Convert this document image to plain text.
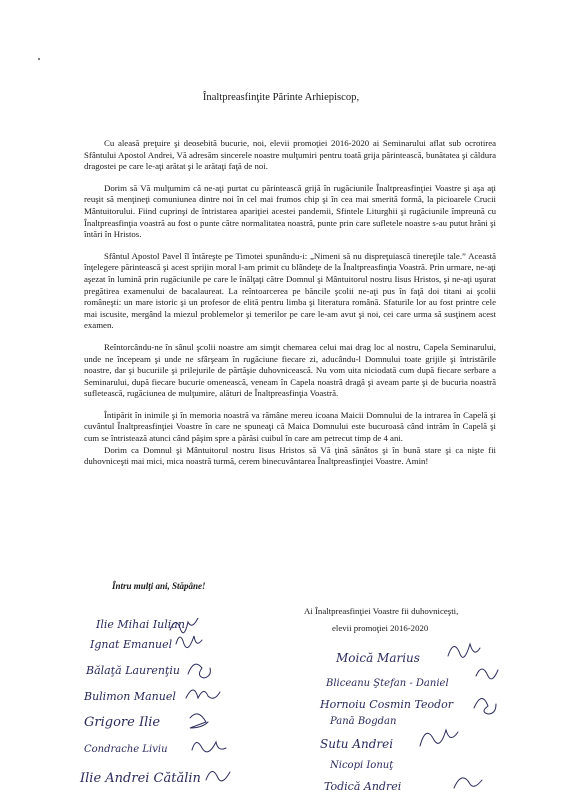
Înaltpreasfinţite Părinte Arhiepiscop,

Cu aleasă preţuire şi deosebită bucurie, noi, elevii promoţiei 2016-2020 ai Seminarului aflat sub ocrotirea Sfântului Apostol Andrei, Vă adresăm sincerele noastre mulţumiri pentru toată grija părintească, bunătatea şi căldura dragostei pe care le-aţi arătat şi le arătaţi faţă de noi.

Dorim să Vă mulţumim că ne-aţi purtat cu părintească grijă în rugăciunile Înaltpreasfinţiei Voastre şi aşa aţi reuşit să menţineţi comuniunea dintre noi în cel mai frumos chip şi în cea mai smerită formă, la picioarele Crucii Mântuitorului. Fiind cuprinşi de întristarea apariţiei acestei pandemii, Sfintele Liturghii şi rugăciunile împreună cu Înaltpreasfinţia voastră au fost o punte către normalitatea noastră, punte prin care sufletele noastre s-au putut hrăni şi întări în Hristos.

Sfântul Apostol Pavel îl întăreşte pe Timotei spunându-i: „Nimeni să nu dispreţuiască tinereţile tale.” Această înţelegere părintească şi acest sprijin moral l-am primit cu blândeţe de la Înaltpreasfinţia Voastră. Prin urmare, ne-aţi aşezat în lumină prin rugăciunile pe care le înălţaţi către Domnul şi Mântuitorul nostru Iisus Hristos, şi ne-aţi uşurat pregătirea examenului de bacalaureat. La reîntoarcerea pe băncile şcolii ne-aţi pus în faţă doi titani ai şcolii româneşti: un mare istoric şi un profesor de elită pentru limba şi literatura română. Sfaturile lor au fost printre cele mai iscusite, mergând la miezul problemelor şi temerilor pe care le-am avut şi noi, cei care urma să susţinem acest examen.

Reîntorcându-ne în sânul şcolii noastre am simţit chemarea celui mai drag loc al nostru, Capela Seminarului, unde ne începeam şi unde ne sfârşeam în rugăciune fiecare zi, aducându-l Domnului toate grijile şi întristările noastre, dar şi bucuriile şi prilejurile de părtăşie duhovnicească. Nu vom uita niciodată cum după fiecare serbare a Seminarului, după fiecare bucurie omenească, veneam în Capela noastră dragă şi aveam parte şi de bucuria noastră sufletească, rugăciunea de mulţumire, alături de Înaltpreasfinţia Voastră.

Întipărit în inimile şi în memoria noastră va rămâne mereu icoana Maicii Domnului de la intrarea în Capelă şi cuvântul Înaltpreasfinţiei Voastre în care ne spuneaţi că Maica Domnului este bucuroasă când intrăm în Capelă şi cum se întristează atunci când păşim spre a părăsi cuibul în care am petrecut timp de 4 ani.

Dorim ca Domnul şi Mântuitorul nostru Iisus Hristos să Vă ţină sănătos şi în bună stare şi ca nişte fii duhovniceşti mai mici, mica noastră turmă, cerem binecuvântarea Înaltpreasfinţiei Voastre. Amin!

Întru mulţi ani, Stăpâne!
Ai Înaltpreasfinţiei Voastre fii duhovniceşti,
elevii promoţiei 2016-2020
Ilie Mihai Iulian
Ignat Emanuel
Bălaţă Laurenţiu
Bulimon Manuel
Grigore Ilie
Condrache Liviu
Ilie Andrei Cătălin
Moică Marius
Bliceanu Ştefan - Daniel
Hornoiu Cosmin Teodor
Pană Bogdan
Sutu Andrei
Nicopi Ionuţ
Todică Andrei
